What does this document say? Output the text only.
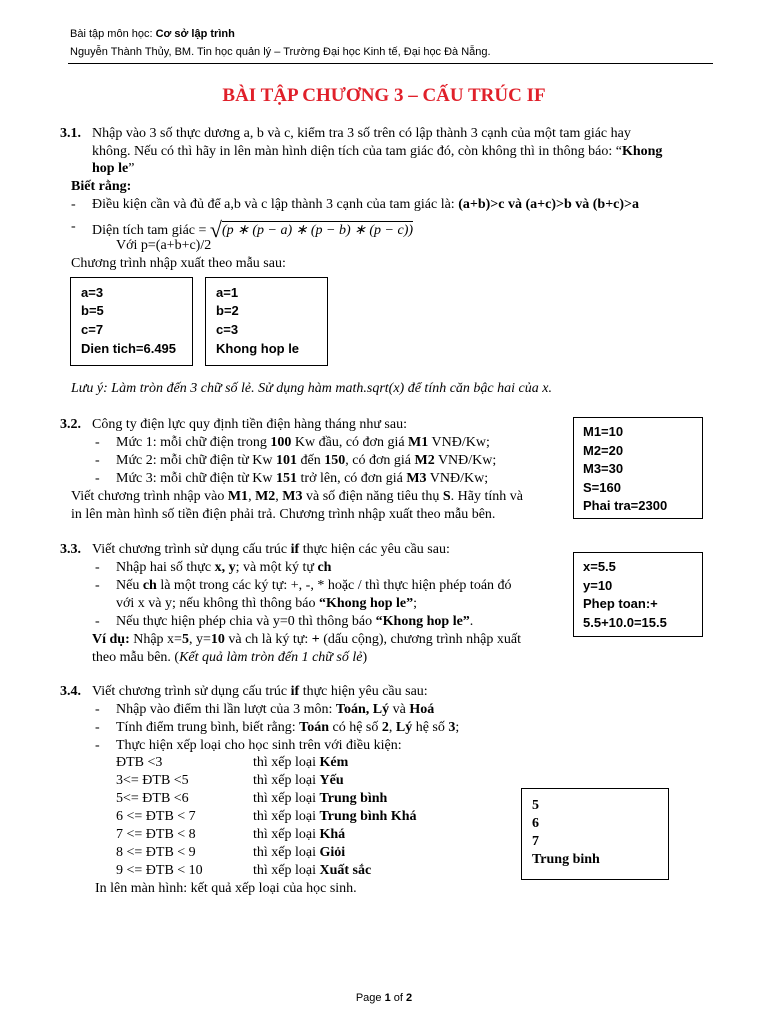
Bài tập môn học: Cơ sở lập trình
Nguyễn Thành Thủy, BM. Tin học quản lý – Trường Đại học Kinh tế, Đại học Đà Nẵng.
BÀI TẬP CHƯƠNG 3 – CẤU TRÚC IF
3.1. Nhập vào 3 số thực dương a, b và c, kiểm tra 3 số trên có lập thành 3 cạnh của một tam giác hay
không. Nếu có thì hãy in lên màn hình diện tích của tam giác đó, còn không thì in thông báo: “Khong
hop le”
Biết rằng:
- Điều kiện cần và đủ để a,b và c lập thành 3 cạnh của tam giác là: (a+b)>c và (a+c)>b và (b+c)>a
- Diện tích tam giác = √(p ∗ (p − a) ∗ (p − b) ∗ (p − c))
Với p=(a+b+c)/2
Chương trình nhập xuất theo mẫu sau:
a=3
b=5
c=7
Dien tich=6.495
a=1
b=2
c=3
Khong hop le
Lưu ý: Làm tròn đến 3 chữ số lẻ. Sử dụng hàm math.sqrt(x) để tính căn bậc hai của x.
3.2. Công ty điện lực quy định tiền điện hàng tháng như sau:
- Mức 1: mỗi chữ điện trong 100 Kw đầu, có đơn giá M1 VNĐ/Kw;
- Mức 2: mỗi chữ điện từ Kw 101 đến 150, có đơn giá M2 VNĐ/Kw;
- Mức 3: mỗi chữ điện từ Kw 151 trở lên, có đơn giá M3 VNĐ/Kw;
Viết chương trình nhập vào M1, M2, M3 và số điện năng tiêu thụ S. Hãy tính và
in lên màn hình số tiền điện phải trả. Chương trình nhập xuất theo mẫu bên.
M1=10
M2=20
M3=30
S=160
Phai tra=2300
3.3. Viết chương trình sử dụng cấu trúc if thực hiện các yêu cầu sau:
- Nhập hai số thực x, y; và một ký tự ch
- Nếu ch là một trong các ký tự: +, -, * hoặc / thì thực hiện phép toán đó
với x và y; nếu không thì thông báo “Khong hop le”;
- Nếu thực hiện phép chia và y=0 thì thông báo “Khong hop le”.
Ví dụ: Nhập x=5, y=10 và ch là ký tự: + (dấu cộng), chương trình nhập xuất
theo mẫu bên. (Kết quả làm tròn đến 1 chữ số lẻ)
x=5.5
y=10
Phep toan:+
5.5+10.0=15.5
3.4. Viết chương trình sử dụng cấu trúc if thực hiện yêu cầu sau:
- Nhập vào điểm thi lần lượt của 3 môn: Toán, Lý và Hoá
- Tính điểm trung bình, biết rằng: Toán có hệ số 2, Lý hệ số 3;
- Thực hiện xếp loại cho học sinh trên với điều kiện:
ĐTB <3	thì xếp loại Kém
3<= ĐTB <5	thì xếp loại Yếu
5<= ĐTB <6	thì xếp loại Trung bình
6 <= ĐTB < 7	thì xếp loại Trung bình Khá
7 <= ĐTB < 8	thì xếp loại Khá
8 <= ĐTB < 9	thì xếp loại Giỏi
9 <= ĐTB < 10	thì xếp loại Xuất sắc
In lên màn hình: kết quả xếp loại của học sinh.
5
6
7
Trung binh
Page 1 of 2
